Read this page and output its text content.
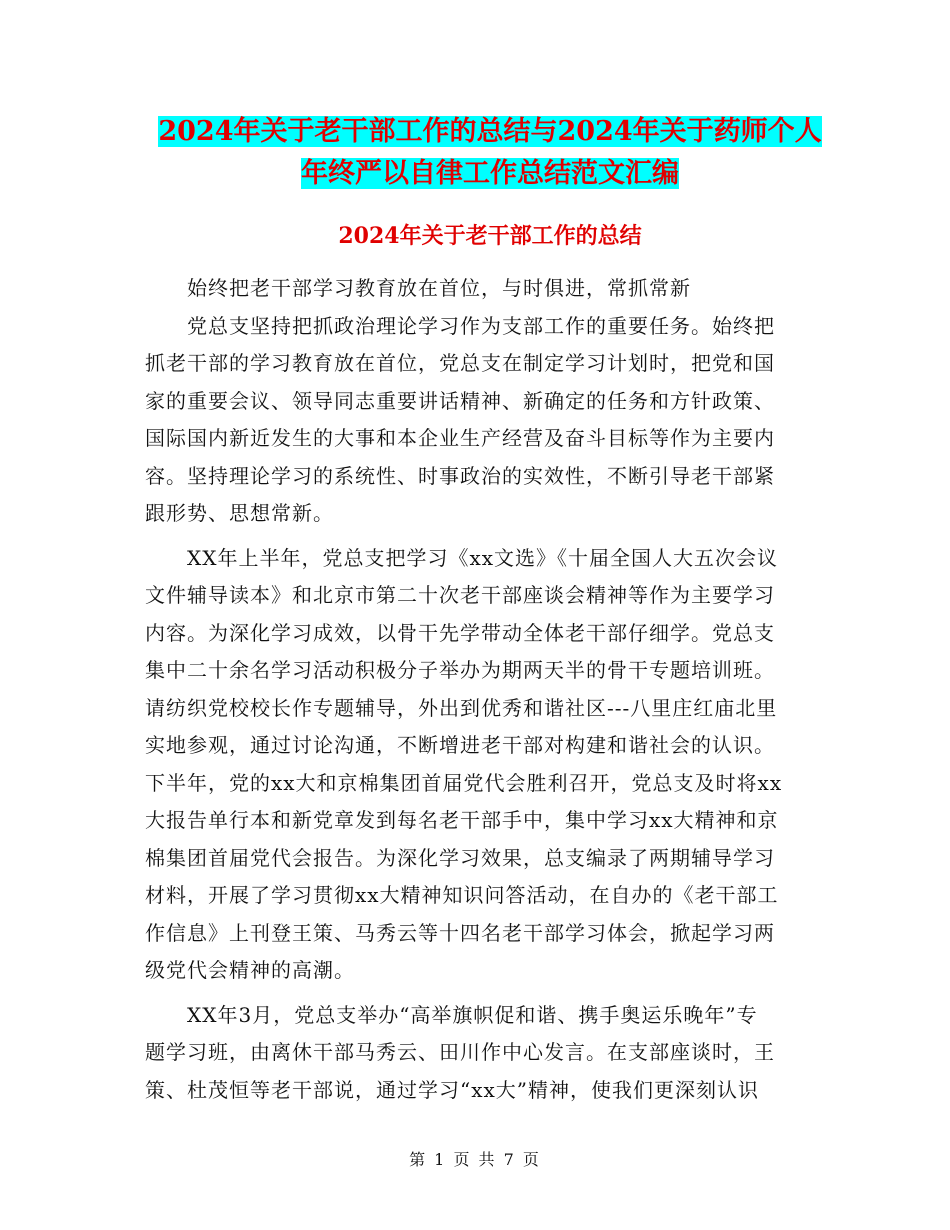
2024年关于老干部工作的总结与2024年关于药师个人
年终严以自律工作总结范文汇编
2024年关于老干部工作的总结

　　始终把老干部学习教育放在首位，与时俱进，常抓常新

　　党总支坚持把抓政治理论学习作为支部工作的重要任务。始终把

抓老干部的学习教育放在首位，党总支在制定学习计划时，把党和国

家的重要会议、领导同志重要讲话精神、新确定的任务和方针政策、

国际国内新近发生的大事和本企业生产经营及奋斗目标等作为主要内

容。坚持理论学习的系统性、时事政治的实效性，不断引导老干部紧

跟形势、思想常新。

　　XX年上半年，党总支把学习《xx文选》《十届全国人大五次会议

文件辅导读本》和北京市第二十次老干部座谈会精神等作为主要学习

内容。为深化学习成效，以骨干先学带动全体老干部仔细学。党总支

集中二十余名学习活动积极分子举办为期两天半的骨干专题培训班。

请纺织党校校长作专题辅导，外出到优秀和谐社区---八里庄红庙北里

实地参观，通过讨论沟通，不断增进老干部对构建和谐社会的认识。

下半年，党的xx大和京棉集团首届党代会胜利召开，党总支及时将xx

大报告单行本和新党章发到每名老干部手中，集中学习xx大精神和京

棉集团首届党代会报告。为深化学习效果，总支编录了两期辅导学习

材料，开展了学习贯彻xx大精神知识问答活动，在自办的《老干部工

作信息》上刊登王策、马秀云等十四名老干部学习体会，掀起学习两

级党代会精神的高潮。

　　XX年3月，党总支举办“高举旗帜促和谐、携手奥运乐晚年”专

题学习班，由离休干部马秀云、田川作中心发言。在支部座谈时，王

策、杜茂恒等老干部说，通过学习“xx大”精神，使我们更深刻认识

第 1 页 共 7 页
